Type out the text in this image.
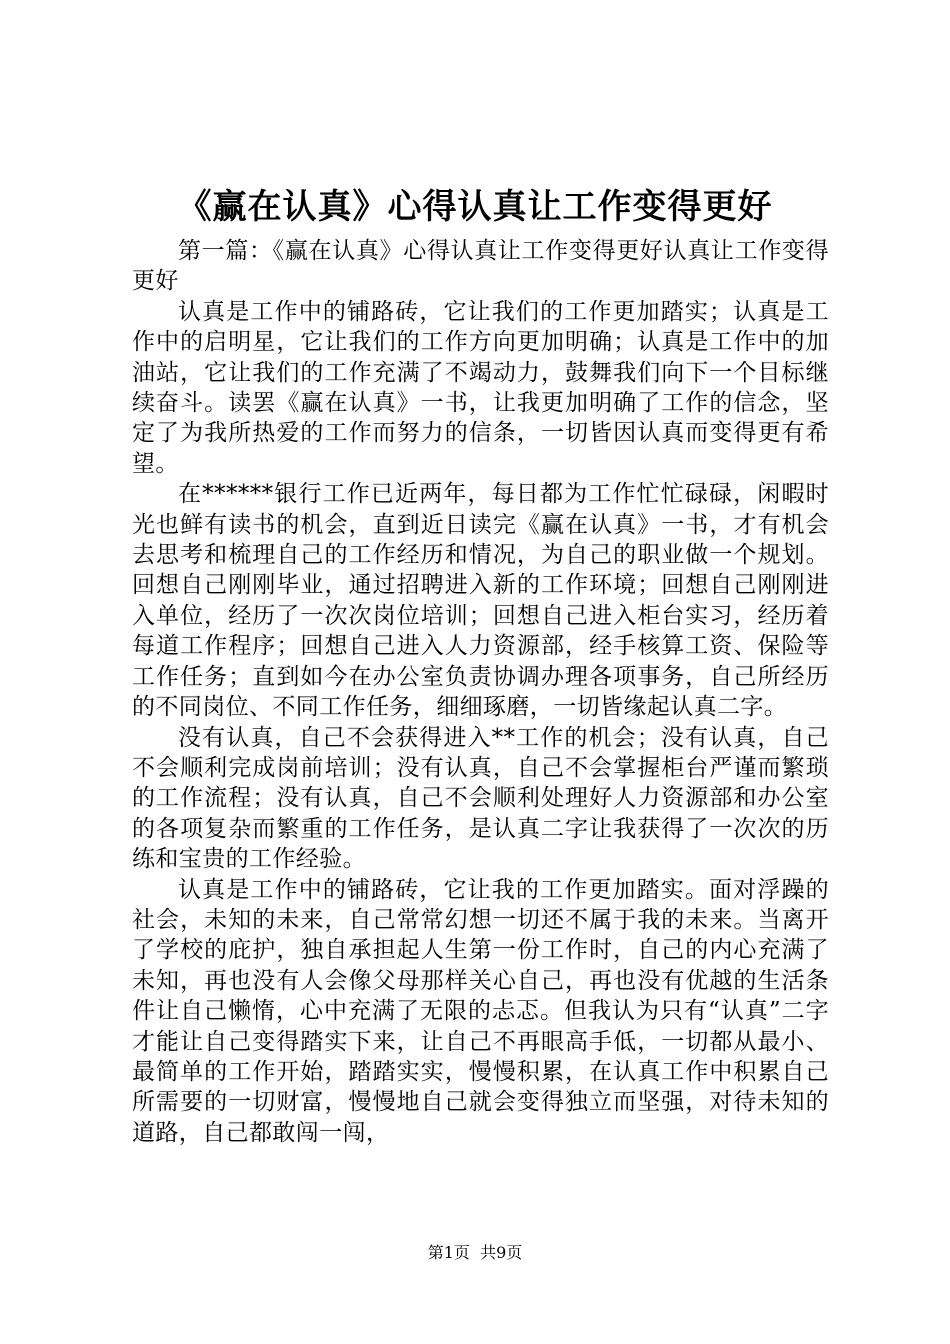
《赢在认真》心得认真让工作变得更好

第一篇：《赢在认真》心得认真让工作变得更好认真让工作变得更好

认真是工作中的铺路砖，它让我们的工作更加踏实；认真是工作中的启明星，它让我们的工作方向更加明确；认真是工作中的加油站，它让我们的工作充满了不竭动力，鼓舞我们向下一个目标继续奋斗。读罢《赢在认真》一书，让我更加明确了工作的信念，坚定了为我所热爱的工作而努力的信条，一切皆因认真而变得更有希望。

在******银行工作已近两年，每日都为工作忙忙碌碌，闲暇时光也鲜有读书的机会，直到近日读完《赢在认真》一书，才有机会去思考和梳理自己的工作经历和情况，为自己的职业做一个规划。回想自己刚刚毕业，通过招聘进入新的工作环境；回想自己刚刚进入单位，经历了一次次岗位培训；回想自己进入柜台实习，经历着每道工作程序；回想自己进入人力资源部，经手核算工资、保险等工作任务；直到如今在办公室负责协调办理各项事务，自己所经历的不同岗位、不同工作任务，细细琢磨，一切皆缘起认真二字。

没有认真，自己不会获得进入**工作的机会；没有认真，自己不会顺利完成岗前培训；没有认真，自己不会掌握柜台严谨而繁琐的工作流程；没有认真，自己不会顺利处理好人力资源部和办公室的各项复杂而繁重的工作任务，是认真二字让我获得了一次次的历练和宝贵的工作经验。

认真是工作中的铺路砖，它让我的工作更加踏实。面对浮躁的社会，未知的未来，自己常常幻想一切还不属于我的未来。当离开了学校的庇护，独自承担起人生第一份工作时，自己的内心充满了未知，再也没有人会像父母那样关心自己，再也没有优越的生活条件让自己懒惰，心中充满了无限的忐忑。但我认为只有“认真”二字才能让自己变得踏实下来，让自己不再眼高手低，一切都从最小、最简单的工作开始，踏踏实实，慢慢积累，在认真工作中积累自己所需要的一切财富，慢慢地自己就会变得独立而坚强，对待未知的道路，自己都敢闯一闯，

第1页  共9页
